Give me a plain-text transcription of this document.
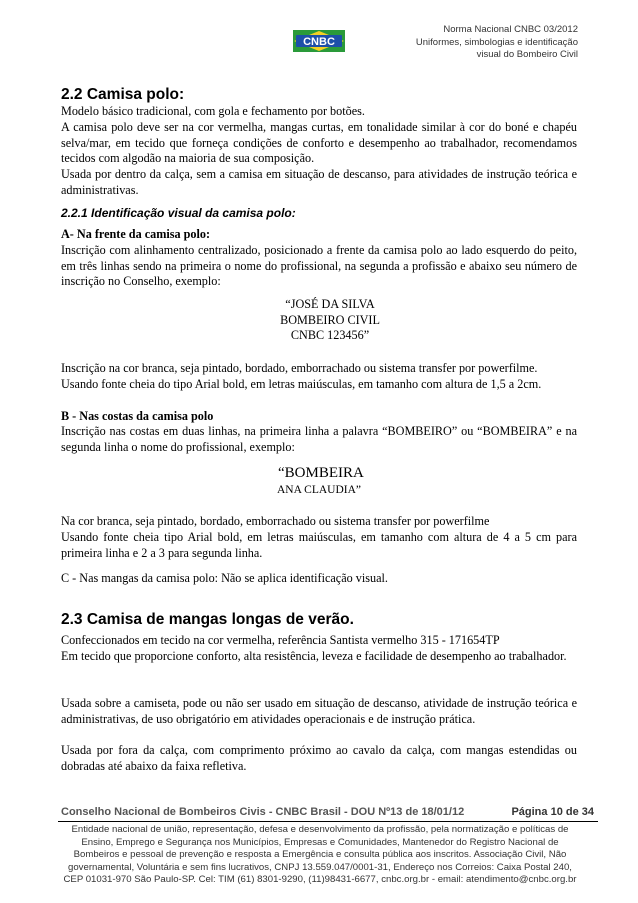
CNBC
Norma Nacional CNBC 03/2012
Uniformes, simbologias e identificação
visual do Bombeiro Civil
2.2 Camisa polo:
Modelo básico tradicional, com gola e fechamento por botões.
A camisa polo deve ser na cor vermelha, mangas curtas, em tonalidade similar à cor do boné e chapéu selva/mar, em tecido que forneça condições de conforto e desempenho ao trabalhador, recomendamos tecidos com algodão na maioria de sua composição.
Usada por dentro da calça, sem a camisa em situação de descanso, para atividades de instrução teórica e administrativas.
2.2.1 Identificação visual da camisa polo:
A- Na frente da camisa polo:
Inscrição com alinhamento centralizado, posicionado a frente da camisa polo ao lado esquerdo do peito, em três linhas sendo na primeira o nome do profissional, na segunda a profissão e abaixo seu número de inscrição no Conselho, exemplo:
“JOSÉ DA SILVA
BOMBEIRO CIVIL
CNBC 123456”
Inscrição na cor branca, seja pintado, bordado, emborrachado ou sistema transfer por powerfilme.
Usando fonte cheia do tipo Arial bold, em letras maiúsculas, em tamanho com altura de 1,5 a 2cm.
B - Nas costas da camisa polo
Inscrição nas costas em duas linhas, na primeira linha a palavra “BOMBEIRO” ou “BOMBEIRA” e na segunda linha o nome do profissional, exemplo:
“BOMBEIRA
ANA CLAUDIA”
Na cor branca, seja pintado, bordado, emborrachado ou sistema transfer por powerfilme
Usando fonte cheia tipo Arial bold, em letras maiúsculas, em tamanho com altura de 4 a 5 cm para primeira linha e 2 a 3 para segunda linha.
C - Nas mangas da camisa polo: Não se aplica identificação visual.
2.3 Camisa de mangas longas de verão.
Confeccionados em tecido na cor vermelha, referência Santista vermelho 315 - 171654TP
Em tecido que proporcione conforto, alta resistência, leveza e facilidade de desempenho ao trabalhador.
Usada sobre a camiseta, pode ou não ser usado em situação de descanso, atividade de instrução teórica e administrativas, de uso obrigatório em atividades operacionais e de instrução prática.
Usada por fora da calça, com comprimento próximo ao cavalo da calça, com mangas estendidas ou dobradas até abaixo da faixa refletiva.
Conselho Nacional de Bombeiros Civis - CNBC Brasil - DOU Nº13 de 18/01/12	Página 10 de 34
Entidade nacional de união, representação, defesa e desenvolvimento da profissão, pela normatização e políticas de
Ensino, Emprego e Segurança nos Municípios, Empresas e Comunidades, Mantenedor do Registro Nacional de
Bombeiros e pessoal de prevenção e resposta a Emergência e consulta pública aos inscritos. Associação Civil, Não
governamental, Voluntária e sem fins lucrativos, CNPJ 13.559.047/0001-31, Endereço nos Correios: Caixa Postal 240,
CEP 01031-970 São Paulo-SP. Cel: TIM (61) 8301-9290, (11)98431-6677, cnbc.org.br - email: atendimento@cnbc.org.br
